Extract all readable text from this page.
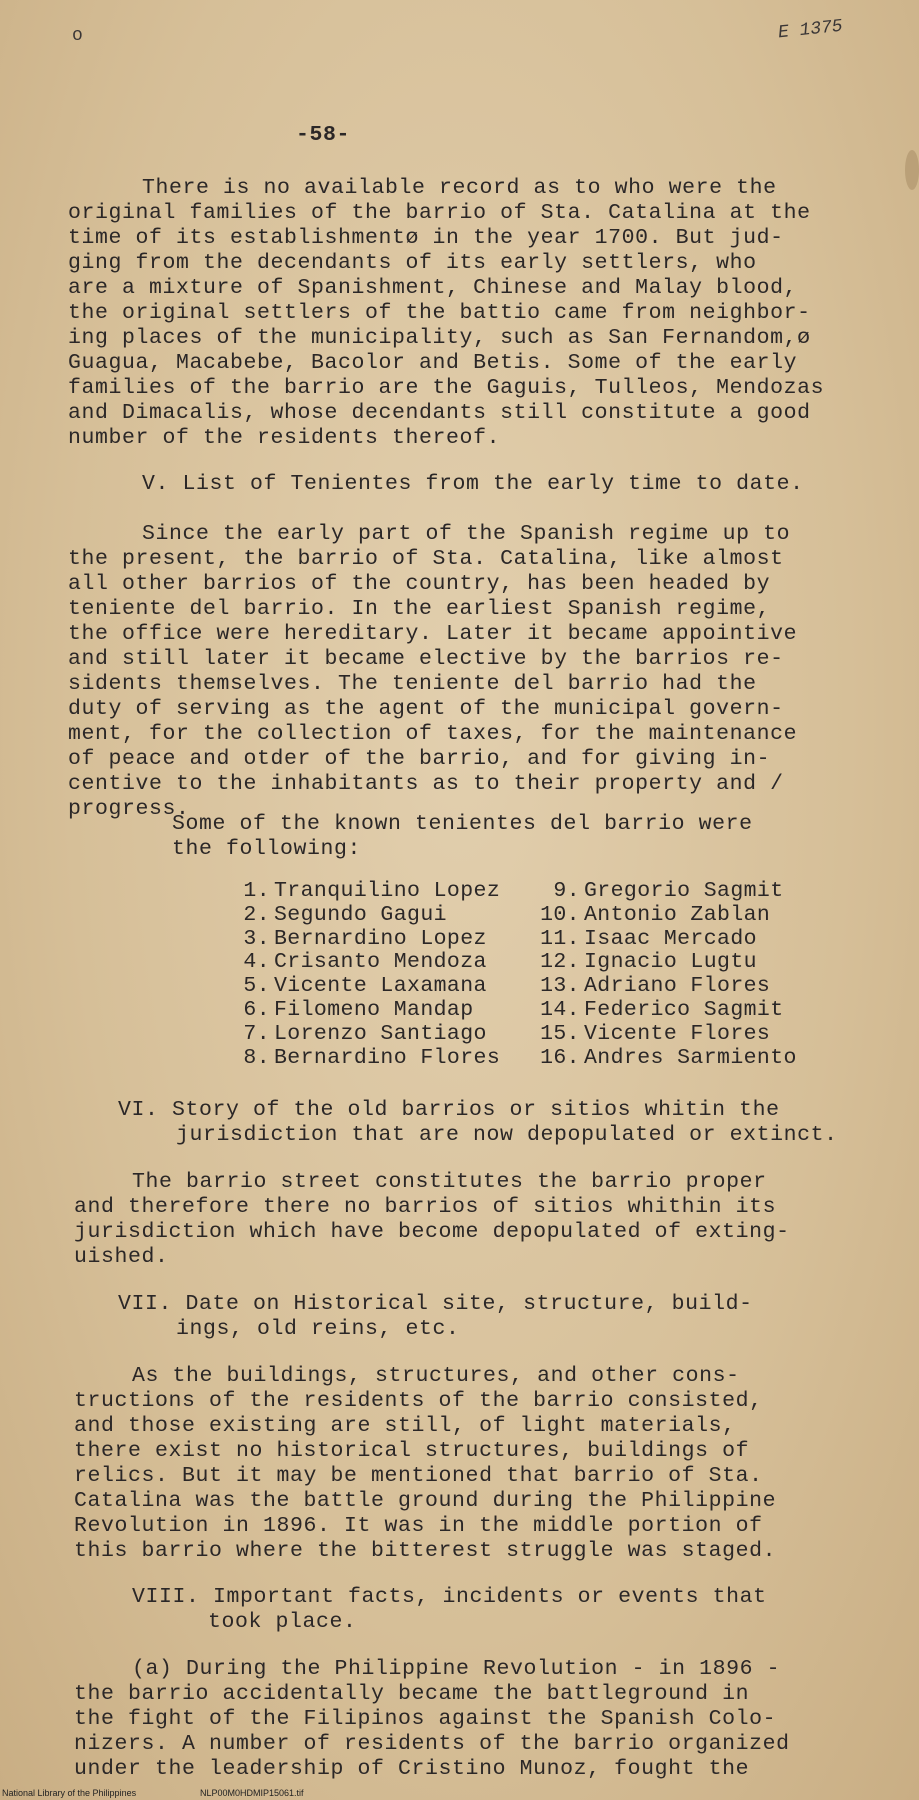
o	E 1375
-58-
There is no available record as to who were the
original families of the barrio of Sta. Catalina at the
time of its establishmentø in the year 1700. But jud-
ging from the decendants of its early settlers, who
are a mixture of Spanishment, Chinese and Malay blood,
the original settlers of the battio came from neighbor-
ing places of the municipality, such as San Fernandom,ø
Guagua, Macabebe, Bacolor and Betis. Some of the early
families of the barrio are the Gaguis, Tulleos, Mendozas
and Dimacalis, whose decendants still constitute a good
number of the residents thereof.
V. List of Tenientes from the early time to date.
Since the early part of the Spanish regime up to
the present, the barrio of Sta. Catalina, like almost
all other barrios of the country, has been headed by
teniente del barrio. In the earliest Spanish regime,
the office were hereditary. Later it became appointive
and still later it became elective by the barrios re-
sidents themselves. The teniente del barrio had the
duty of serving as the agent of the municipal govern-
ment, for the collection of taxes, for the maintenance
of peace and otder of the barrio, and for giving in-
centive to the inhabitants as to their property and /
progress.
Some of the known tenientes del barrio were
the following:
1. Tranquilino Lopez	9. Gregorio Sagmit
2. Segundo Gagui	10. Antonio Zablan
3. Bernardino Lopez	11. Isaac Mercado
4. Crisanto Mendoza	12. Ignacio Lugtu
5. Vicente Laxamana	13. Adriano Flores
6. Filomeno Mandap	14. Federico Sagmit
7. Lorenzo Santiago	15. Vicente Flores
8. Bernardino Flores	16. Andres Sarmiento
VI. Story of the old barrios or sitios whitin the
jurisdiction that are now depopulated or extinct.
The barrio street constitutes the barrio proper
and therefore there no barrios of sitios whithin its
jurisdiction which have become depopulated of exting-
uished.
VII. Date on Historical site, structure, build-
ings, old reins, etc.
As the buildings, structures, and other cons-
tructions of the residents of the barrio consisted,
and those existing are still, of light materials,
there exist no historical structures, buildings of
relics. But it may be mentioned that barrio of Sta.
Catalina was the battle ground during the Philippine
Revolution in 1896. It was in the middle portion of
this barrio where the bitterest struggle was staged.
VIII. Important facts, incidents or events that
took place.
(a) During the Philippine Revolution - in 1896 -
the barrio accidentally became the battleground in
the fight of the Filipinos against the Spanish Colo-
nizers. A number of residents of the barrio organized
under the leadership of Cristino Munoz, fought the
National Library of the Philippines	NLP00M0HDMIP15061.tif
